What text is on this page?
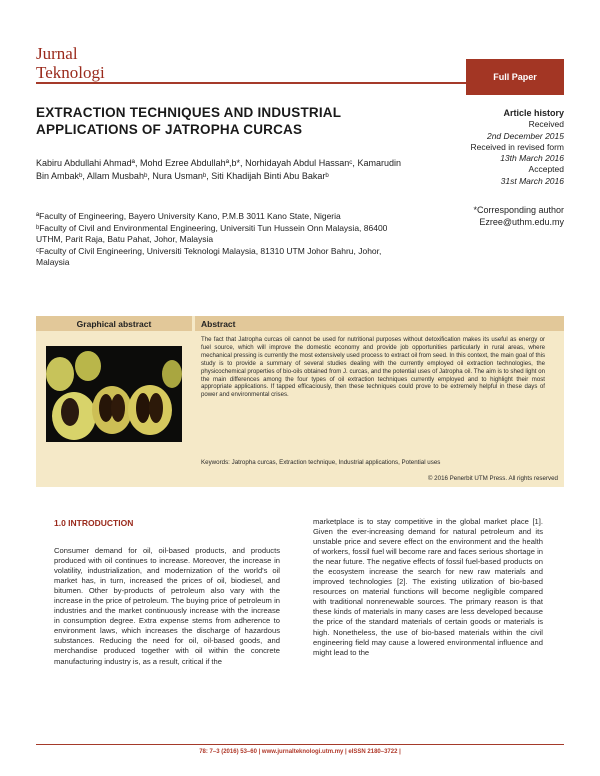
Jurnal
Teknologi	Full Paper
EXTRACTION TECHNIQUES AND INDUSTRIAL APPLICATIONS OF JATROPHA CURCAS
Article history
Received
2nd December 2015
Received in revised form
13th March 2016
Accepted
31st March 2016
Kabiru Abdullahi Ahmadª, Mohd Ezree Abdullahª,b*, Norhidayah Abdul Hassanᶜ, Kamarudin Bin Ambakᵇ, Allam Musbahᵇ, Nura Usmanᵇ, Siti Khadijah Binti Abu Bakarᵇ

ªFaculty of Engineering, Bayero University Kano, P.M.B 3011 Kano State, Nigeria

ᵇFaculty of Civil and Environmental Engineering, Universiti Tun Hussein Onn Malaysia, 86400 UTHM, Parit Raja, Batu Pahat, Johor, Malaysia

ᶜFaculty of Civil Engineering, Universiti Teknologi Malaysia, 81310 UTM Johor Bahru, Johor, Malaysia

*Corresponding author
Ezree@uthm.edu.my
Graphical abstract	Abstract
The fact that Jatropha curcas oil cannot be used for nutritional purposes without detoxification makes its useful as energy or fuel source, which will improve the domestic economy and provide job opportunities particularly in rural areas, where mechanical pressing is currently the most extensively used process to extract oil from seed. In this context, the main goal of this study is to provide a summary of several studies dealing with the currently employed oil extraction technologies, the physicochemical properties of bio-oils obtained from J. curcas, and the potential uses of Jatropha oil. The aim is to shed light on the main differences among the four types of oil extraction techniques currently employed and to highlight their most appropriate applications. If tapped efficaciously, then these techniques could prove to be extremely helpful in these days of power and environmental crises.
Keywords: Jatropha curcas, Extraction technique, Industrial applications, Potential uses
© 2016 Penerbit UTM Press. All rights reserved
1.0 INTRODUCTION
Consumer demand for oil, oil-based products, and products produced with oil continues to increase. Moreover, the increase in volatility, industrialization, and modernization of the world's oil market has, in turn, increased the prices of oil, biodiesel, and bitumen. Other by-products of petroleum also vary with the increase in the price of petroleum. The buying price of petroleum in industries and the market continuously increase with the increase in consumption degree. Extra expense stems from adherence to environment laws, which increases the discharge of hazardous substances. Reducing the need for oil, oil-based goods, and merchandise produced together with oil within the concrete manufacturing industry is, as a result, critical if the
marketplace is to stay competitive in the global market place [1]. Given the ever-increasing demand for natural petroleum and its unstable price and severe effect on the environment and the health of workers, fossil fuel will become rare and faces serious shortage in the near future. The negative effects of fossil fuel-based products on the ecosystem increase the search for new raw materials and improved technologies [2]. The existing utilization of bio-based resources on material functions will become negligible compared with traditional nonrenewable sources. The primary reason is that these kinds of materials in many cases are less developed because the price of the standard materials of certain goods or materials is high. Nonetheless, the use of bio-based materials within the civil engineering field may cause a lowered environmental influence and might lead to the
78: 7–3 (2016) 53–60 | www.jurnalteknologi.utm.my | eISSN 2180–3722 |
